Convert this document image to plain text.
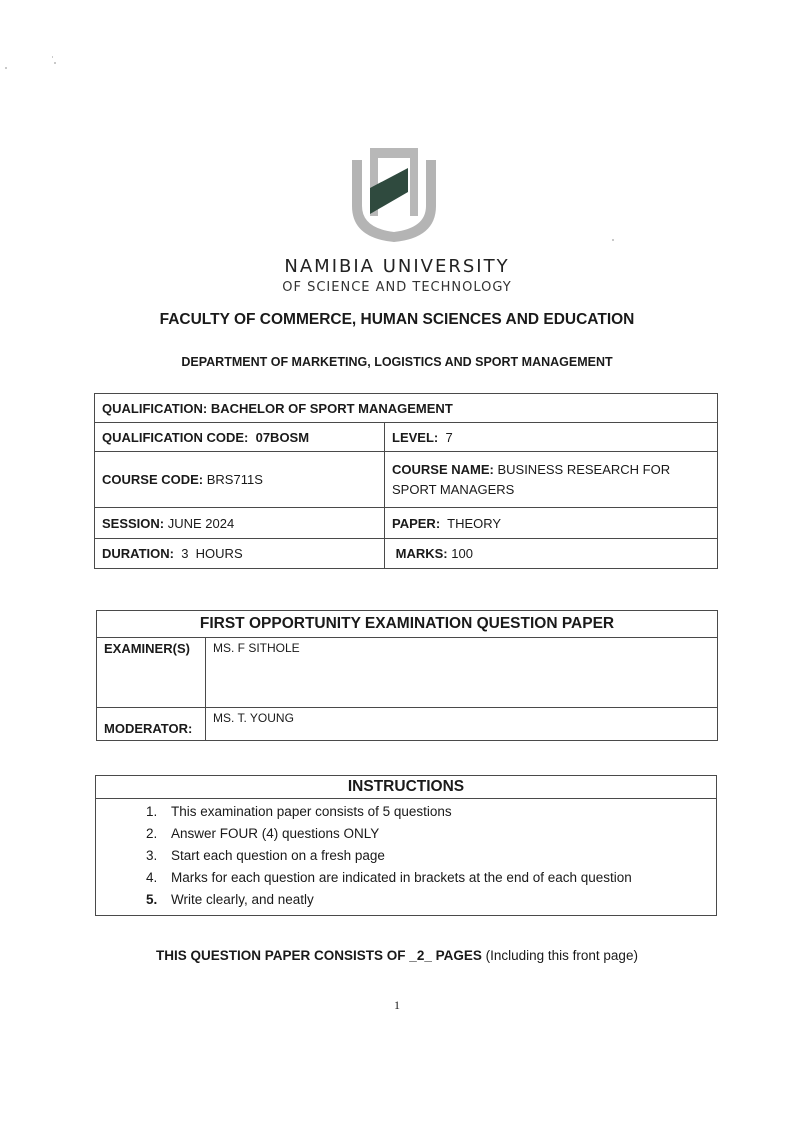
NAMIBIA UNIVERSITY
OF SCIENCE AND TECHNOLOGY
FACULTY OF COMMERCE, HUMAN SCIENCES AND EDUCATION
DEPARTMENT OF MARKETING, LOGISTICS AND SPORT MANAGEMENT
QUALIFICATION: BACHELOR OF SPORT MANAGEMENT	
QUALIFICATION CODE: 07BOSM	LEVEL: 7
COURSE CODE: BRS711S	COURSE NAME: BUSINESS RESEARCH FOR SPORT MANAGERS
SESSION: JUNE 2024	PAPER: THEORY
DURATION: 3  HOURS	MARKS: 100
FIRST OPPORTUNITY EXAMINATION QUESTION PAPER	
EXAMINER(S)	MS. F SITHOLE
MODERATOR:	MS. T. YOUNG
INSTRUCTIONS

1.	This examination paper consists of 5 questions
2.	Answer FOUR (4) questions ONLY
3.	Start each question on a fresh page
4.	Marks for each question are indicated in brackets at the end of each question
5.	Write clearly, and neatly
THIS QUESTION PAPER CONSISTS OF _2_ PAGES (Including this front page)
1
